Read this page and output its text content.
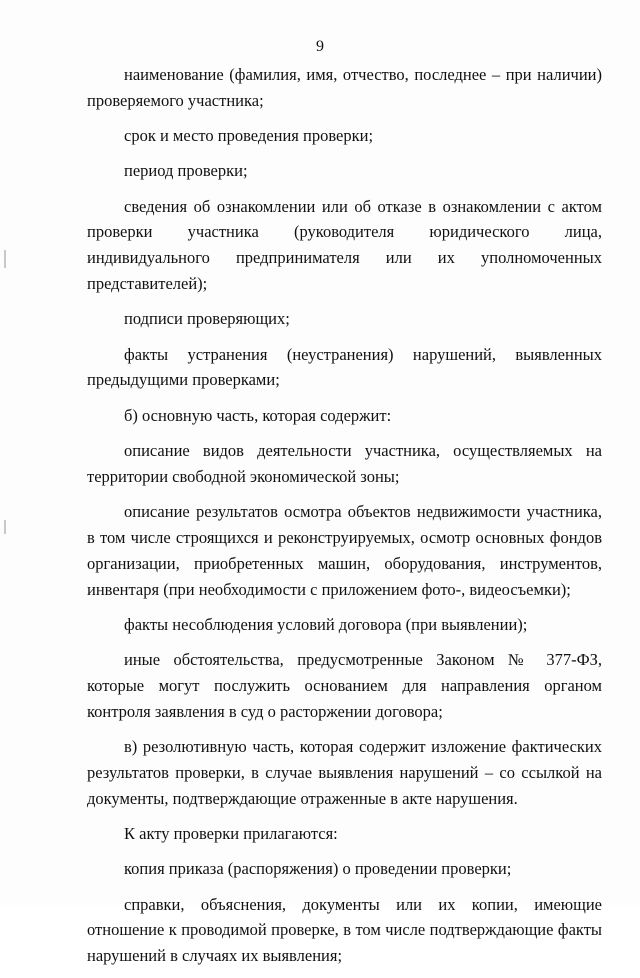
9

наименование (фамилия, имя, отчество, последнее – при наличии) проверяемого участника;

срок и место проведения проверки;

период проверки;

сведения об ознакомлении или об отказе в ознакомлении с актом проверки участника (руководителя юридического лица, индивидуального предпринимателя или их уполномоченных представителей);

подписи проверяющих;

факты устранения (неустранения) нарушений, выявленных предыдущими проверками;

б) основную часть, которая содержит:

описание видов деятельности участника, осуществляемых на территории свободной экономической зоны;

описание результатов осмотра объектов недвижимости участника, в том числе строящихся и реконструируемых, осмотр основных фондов организации, приобретенных машин, оборудования, инструментов, инвентаря (при необходимости с приложением фото-, видеосъемки);

факты несоблюдения условий договора (при выявлении);

иные обстоятельства, предусмотренные Законом № 377-ФЗ, которые могут послужить основанием для направления органом контроля заявления в суд о расторжении договора;

в) резолютивную часть, которая содержит изложение фактических результатов проверки, в случае выявления нарушений – со ссылкой на документы, подтверждающие отраженные в акте нарушения.

К акту проверки прилагаются:

копия приказа (распоряжения) о проведении проверки;

справки, объяснения, документы или их копии, имеющие отношение к проводимой проверке, в том числе подтверждающие факты нарушений в случаях их выявления;
